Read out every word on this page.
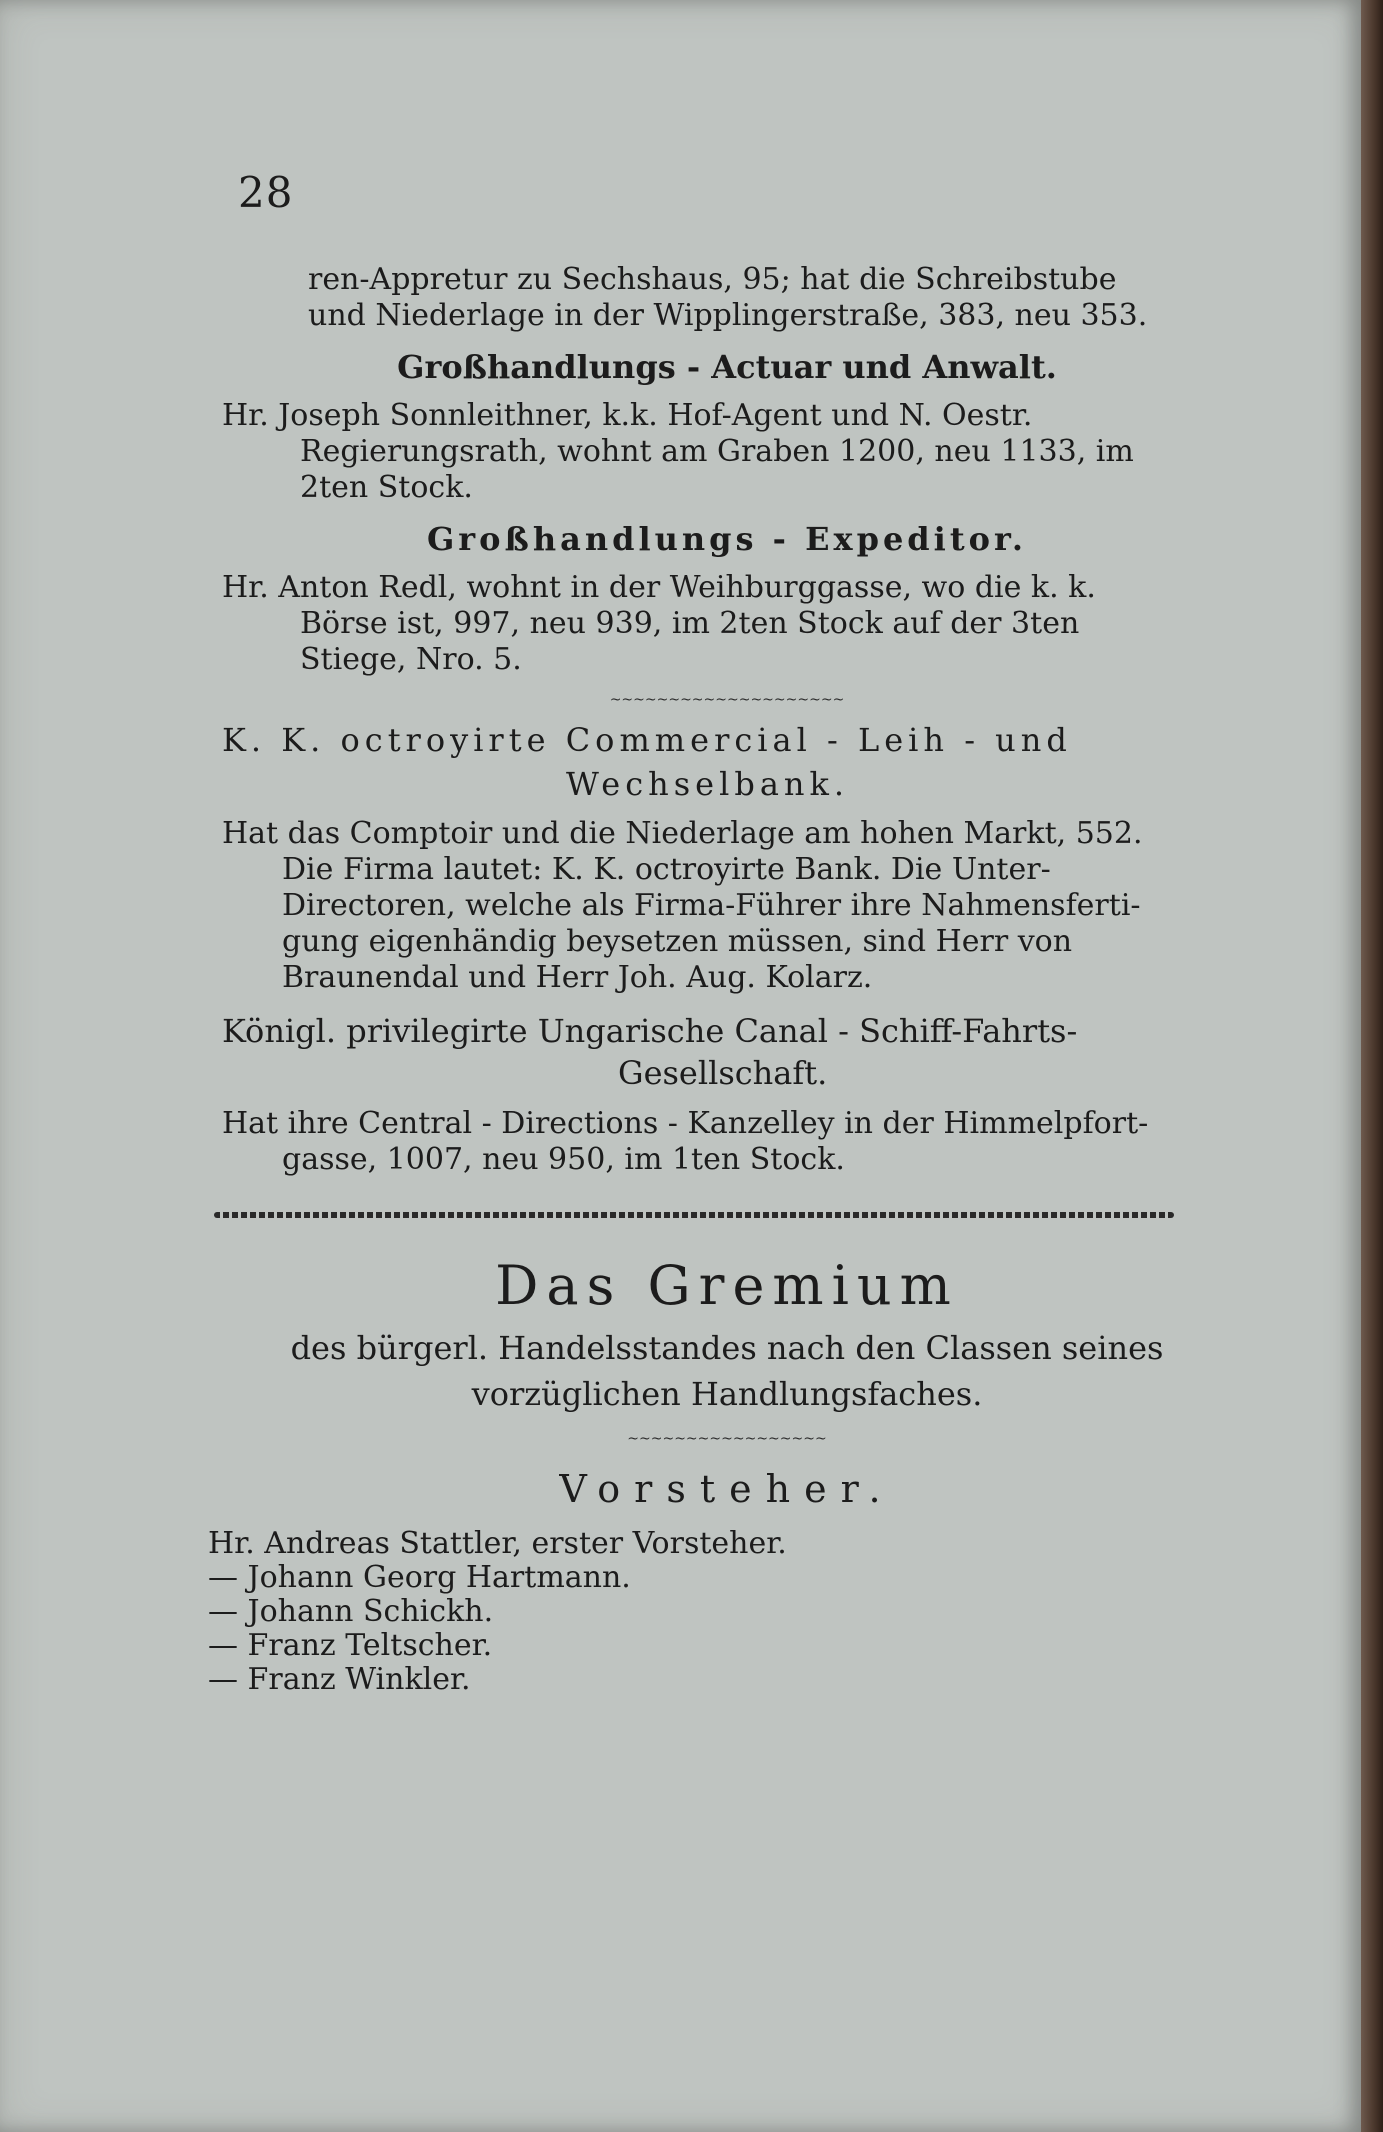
28
ren-Appretur zu Sechshaus, 95; hat die Schreibstube
und Niederlage in der Wipplingerstraße, 383, neu 353.
Großhandlungs - Actuar und Anwalt.
Hr. Joseph Sonnleithner, k.k. Hof-Agent und N. Oestr.
Regierungsrath, wohnt am Graben 1200, neu 1133, im
2ten Stock.
Großhandlungs - Expeditor.
Hr. Anton Redl, wohnt in der Weihburggasse, wo die k. k.
Börse ist, 997, neu 939, im 2ten Stock auf der 3ten
Stiege, Nro. 5.
~~~~~~~~~~~~~~~~~~~~
K. K. octroyirte Commercial - Leih - und
Wechselbank.
Hat das Comptoir und die Niederlage am hohen Markt, 552.
Die Firma lautet: K. K. octroyirte Bank. Die Unter-
Directoren, welche als Firma-Führer ihre Nahmensferti-
gung eigenhändig beysetzen müssen, sind Herr von
Braunendal und Herr Joh. Aug. Kolarz.
Königl. privilegirte Ungarische Canal - Schiff-Fahrts-
Gesellschaft.
Hat ihre Central - Directions - Kanzelley in der Himmelpfort-
gasse, 1007, neu 950, im 1ten Stock.
Das Gremium
des bürgerl. Handelsstandes nach den Classen seines
vorzüglichen Handlungsfaches.
~~~~~~~~~~~~~~~~~
Vorsteher.
Hr. Andreas Stattler, erster Vorsteher.
— Johann Georg Hartmann.
— Johann Schickh.
— Franz Teltscher.
— Franz Winkler.
